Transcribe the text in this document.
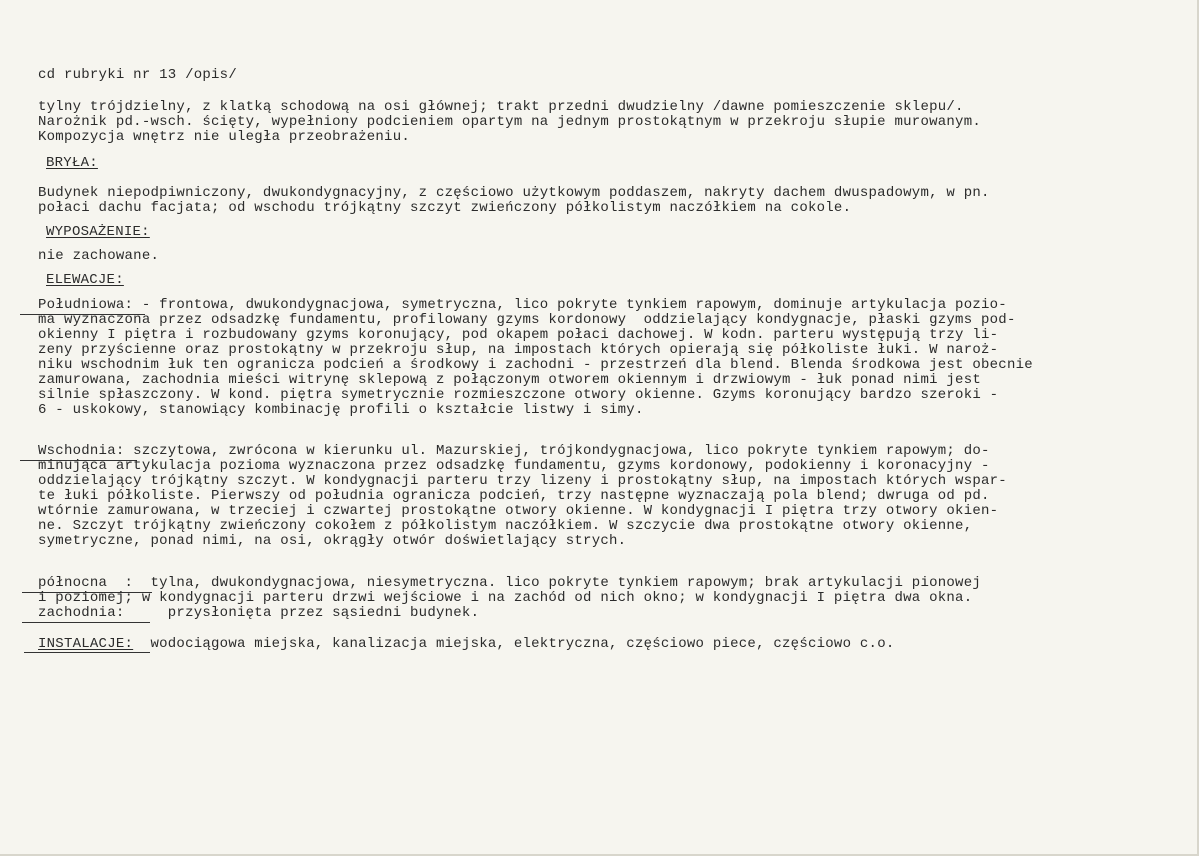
cd rubryki nr 13 /opis/
tylny trójdzielny, z klatką schodową na osi głównej; trakt przedni dwudzielny /dawne pomieszczenie sklepu/.
Narożnik pd.-wsch. ścięty, wypełniony podcieniem opartym na jednym prostokątnym w przekroju słupie murowanym.
Kompozycja wnętrz nie uległa przeobrażeniu.
BRYŁA:
Budynek niepodpiwniczony, dwukondygnacyjny, z częściowo użytkowym poddaszem, nakryty dachem dwuspadowym, w pn.
połaci dachu facjata; od wschodu trójkątny szczyt zwieńczony półkolistym naczółkiem na cokole.
WYPOSAŻENIE:
nie zachowane.
ELEWACJE:
Południowa: - frontowa, dwukondygnacjowa, symetryczna, lico pokryte tynkiem rapowym, dominuje artykulacja pozio-
ma wyznaczona przez odsadzkę fundamentu, profilowany gzyms kordonowy  oddzielający kondygnacje, płaski gzyms pod-
okienny I piętra i rozbudowany gzyms koronujący, pod okapem połaci dachowej. W kodn. parteru występują trzy li-
zeny przyścienne oraz prostokątny w przekroju słup, na impostach których opierają się półkoliste łuki. W naroż-
niku wschodnim łuk ten ogranicza podcień a środkowy i zachodni - przestrzeń dla blend. Blenda środkowa jest obecnie
zamurowana, zachodnia mieści witrynę sklepową z połączonym otworem okiennym i drzwiowym - łuk ponad nimi jest
silnie spłaszczony. W kond. piętra symetrycznie rozmieszczone otwory okienne. Gzyms koronujący bardzo szeroki -
6 - uskokowy, stanowiący kombinację profili o kształcie listwy i simy.
Wschodnia: szczytowa, zwrócona w kierunku ul. Mazurskiej, trójkondygnacjowa, lico pokryte tynkiem rapowym; do-
minująca artykulacja pozioma wyznaczona przez odsadzkę fundamentu, gzyms kordonowy, podokienny i koronacyjny -
oddzielający trójkątny szczyt. W kondygnacji parteru trzy lizeny i prostokątny słup, na impostach których wspar-
te łuki półkoliste. Pierwszy od południa ogranicza podcień, trzy następne wyznaczają pola blend; dwruga od pd.
wtórnie zamurowana, w trzeciej i czwartej prostokątne otwory okienne. W kondygnacji I piętra trzy otwory okien-
ne. Szczyt trójkątny zwieńczony cokołem z półkolistym naczółkiem. W szczycie dwa prostokątne otwory okienne,
symetryczne, ponad nimi, na osi, okrągły otwór doświetlający strych.
północna  :  tylna, dwukondygnacjowa, niesymetryczna. lico pokryte tynkiem rapowym; brak artykulacji pionowej
i poziomej; w kondygnacji parteru drzwi wejściowe i na zachód od nich okno; w kondygnacji I piętra dwa okna.
zachodnia:     przysłonięta przez sąsiedni budynek.
INSTALACJE:  wodociągowa miejska, kanalizacja miejska, elektryczna, częściowo piece, częściowo c.o.
